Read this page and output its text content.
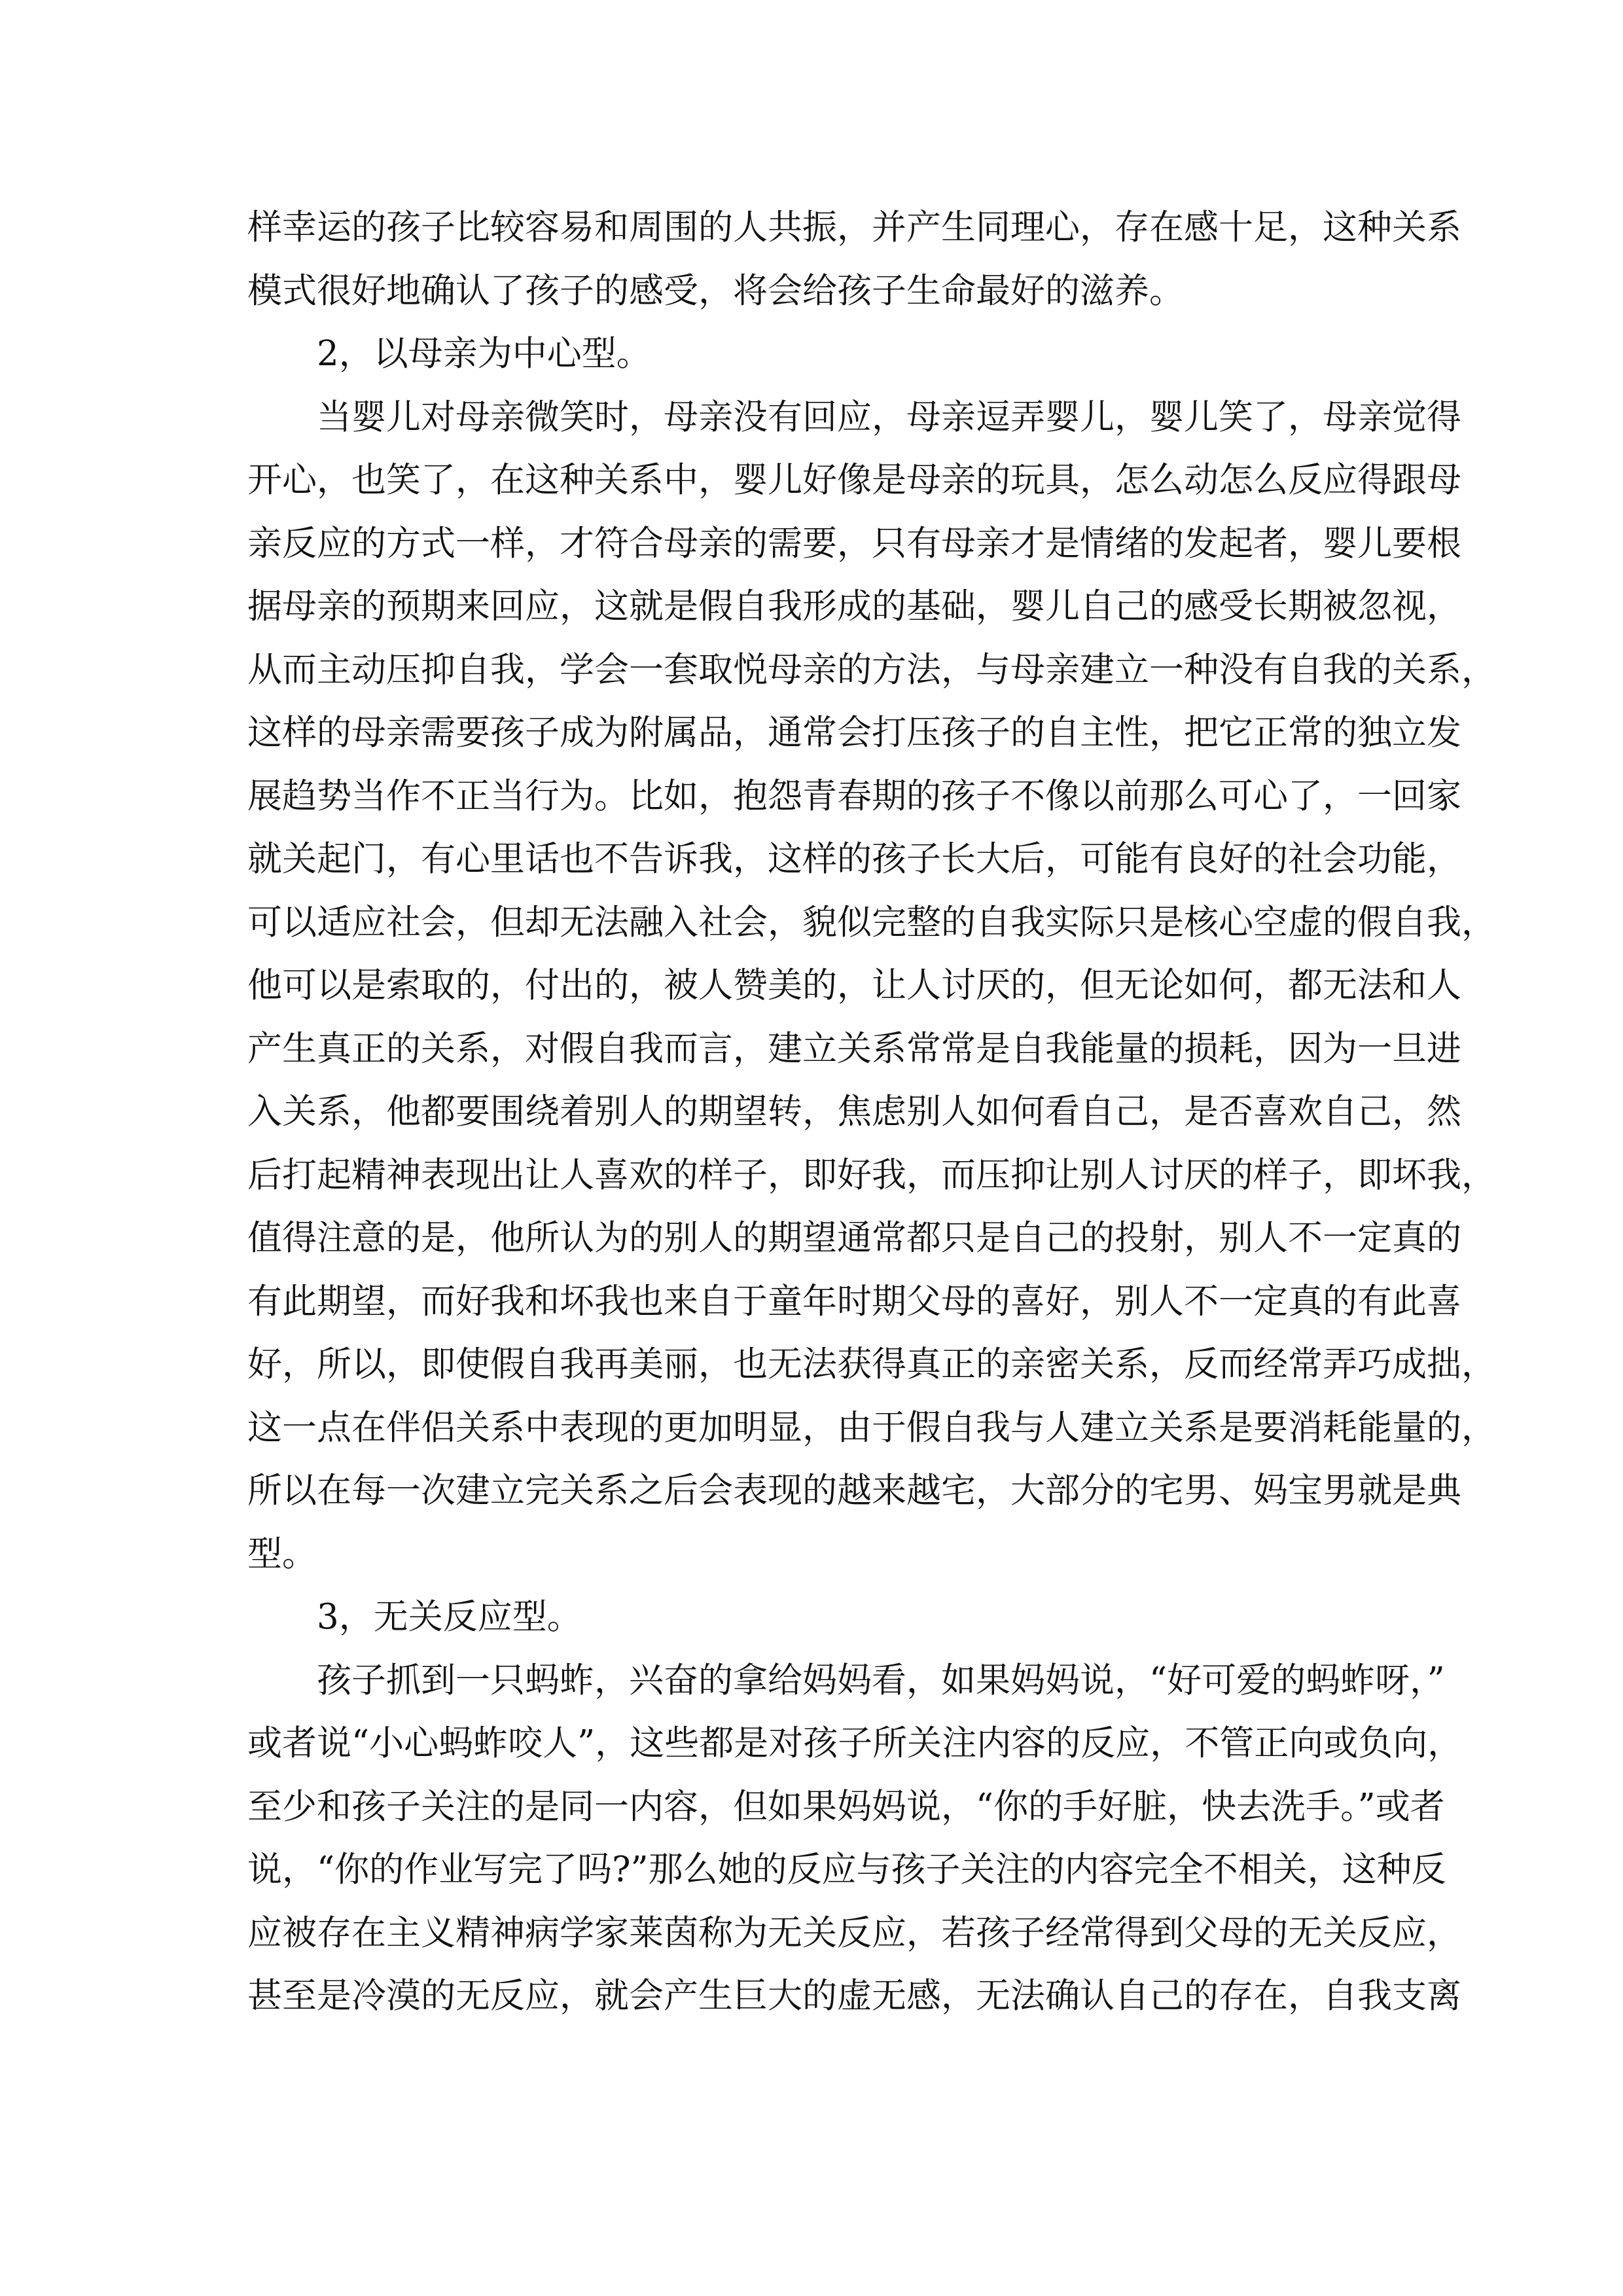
样幸运的孩子比较容易和周围的人共振，并产生同理心，存在感十足，这种关系
模式很好地确认了孩子的感受，将会给孩子生命最好的滋养。
2，以母亲为中心型。
当婴儿对母亲微笑时，母亲没有回应，母亲逗弄婴儿，婴儿笑了，母亲觉得
开心，也笑了，在这种关系中，婴儿好像是母亲的玩具，怎么动怎么反应得跟母
亲反应的方式一样，才符合母亲的需要，只有母亲才是情绪的发起者，婴儿要根
据母亲的预期来回应，这就是假自我形成的基础，婴儿自己的感受长期被忽视，
从而主动压抑自我，学会一套取悦母亲的方法，与母亲建立一种没有自我的关系，
这样的母亲需要孩子成为附属品，通常会打压孩子的自主性，把它正常的独立发
展趋势当作不正当行为。比如，抱怨青春期的孩子不像以前那么可心了，一回家
就关起门，有心里话也不告诉我，这样的孩子长大后，可能有良好的社会功能，
可以适应社会，但却无法融入社会，貌似完整的自我实际只是核心空虚的假自我，
他可以是索取的，付出的，被人赞美的，让人讨厌的，但无论如何，都无法和人
产生真正的关系，对假自我而言，建立关系常常是自我能量的损耗，因为一旦进
入关系，他都要围绕着别人的期望转，焦虑别人如何看自己，是否喜欢自己，然
后打起精神表现出让人喜欢的样子，即好我，而压抑让别人讨厌的样子，即坏我，
值得注意的是，他所认为的别人的期望通常都只是自己的投射，别人不一定真的
有此期望，而好我和坏我也来自于童年时期父母的喜好，别人不一定真的有此喜
好，所以，即使假自我再美丽，也无法获得真正的亲密关系，反而经常弄巧成拙，
这一点在伴侣关系中表现的更加明显，由于假自我与人建立关系是要消耗能量的，
所以在每一次建立完关系之后会表现的越来越宅，大部分的宅男、妈宝男就是典
型。
3，无关反应型。
孩子抓到一只蚂蚱，兴奋的拿给妈妈看，如果妈妈说，“好可爱的蚂蚱呀，”
或者说“小心蚂蚱咬人”，这些都是对孩子所关注内容的反应，不管正向或负向，
至少和孩子关注的是同一内容，但如果妈妈说，“你的手好脏，快去洗手。”或者
说，“你的作业写完了吗?”那么她的反应与孩子关注的内容完全不相关，这种反
应被存在主义精神病学家莱茵称为无关反应，若孩子经常得到父母的无关反应，
甚至是冷漠的无反应，就会产生巨大的虚无感，无法确认自己的存在，自我支离
